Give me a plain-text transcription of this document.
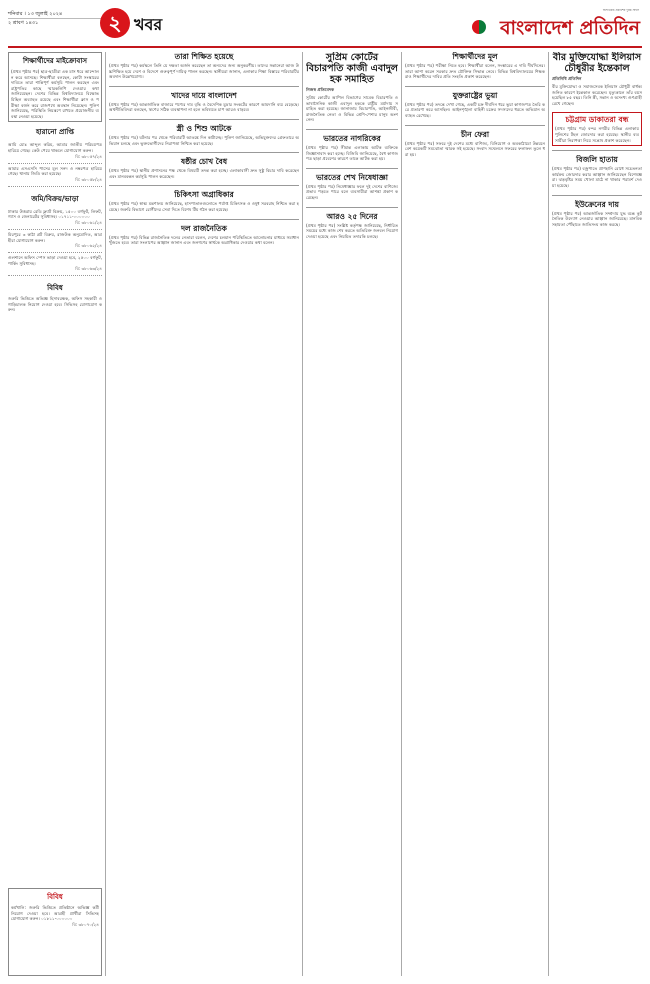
শনিবার । ১৩ জুলাই ২০২৪
২ শ্রাবণ ১৪৩১	২ খবর
অসংকোচ প্রকাশের দুরন্ত সাহস
বাংলাদেশ প্রতিদিন
শিক্ষার্থীদের মাইক্রোবাস
(প্রথম পৃষ্ঠার পর) ছাত্র-ছাত্রীরা এক মাস ধরে আন্দোলন করে আসছে। শিক্ষার্থীরা বলছেন, কোটা সংস্কারের দাবিতে তারা শান্তিপূর্ণ কর্মসূচি পালন করছেন এবং রাষ্ট্রপতির কাছে স্মারকলিপি দেওয়ার কথা জানিয়েছেন। দেশের বিভিন্ন বিশ্ববিদ্যালয়ে বিক্ষোভ মিছিল অব্যাহত রয়েছে এবং শিক্ষার্থীরা ক্লাস ও পরীক্ষা বর্জন করে রাজপথে অবস্থান নিয়েছেন। পুলিশ জানিয়েছে, পরিস্থিতি নিয়ন্ত্রণে রাখতে প্রয়োজনীয় ব্যবস্থা নেওয়া হয়েছে।
হারানো প্রাপ্তি
আমি মোঃ আব্দুল করিম, আমার জাতীয় পরিচয়পত্র হারিয়ে গেছে। কেউ পেয়ে থাকলে যোগাযোগ করুন।
বি: ৩৮০৫৭/২৪
আমার এসএসসি পাসের মূল সনদ ও নম্বরপত্র হারিয়ে গেছে। থানায় জিডি করা হয়েছে।
বি: ৩৮০৫৮/২৪
জমি/বিক্রয়/ভাড়া
ঢাকার উত্তরায় রেডি ফ্ল্যাট বিক্রয়, ১৫০০ বর্গফুট, লিফট, গ্যাস ও জেনারেটর সুবিধাসহ। ০১৭১১-০০০০০০
বি: ৩৮০৬১/২৪
মিরপুরে ৩ কাঠা প্লট বিক্রয়, রাজউক অনুমোদিত, আগ্রহীরা যোগাযোগ করুন।
বি: ৩৮০৬২/২৪
গুলশানে অফিস স্পেস ভাড়া দেওয়া হবে, ২৫০০ বর্গফুট, পার্কিং সুবিধাসহ।
বি: ৩৮০৬৩/২৪
বিবিধ
জরুরি ভিত্তিতে অভিজ্ঞ হিসাবরক্ষক, অফিস সহকারী ও গাড়িচালক নিয়োগ দেওয়া হবে। সিভিসহ যোগাযোগ করুন।
বিবিধ
কর্মখালি: জরুরি ভিত্তিতে প্রতিষ্ঠানে অভিজ্ঞ কর্মী নিয়োগ দেওয়া হবে। আগ্রহী প্রার্থীরা সিভিসহ যোগাযোগ করুন। ০১৮১১-০০০০০০
বি: ৩৮০৭০/২৪
তারা শিক্ষিত হয়েছে
(প্রথম পৃষ্ঠার পর) কর্মস্থলে তিনি যে দক্ষতা অর্জন করেছেন তা অন্যদের জন্য অনুকরণীয়। তাদের সন্তানেরা আজ উচ্চশিক্ষিত হয়ে দেশে ও বিদেশে গুরুত্বপূর্ণ দায়িত্ব পালন করছেন। স্থানীয়রা জানান, এলাকার শিক্ষা বিস্তারে পরিবারটির অবদান উল্লেখযোগ্য।
খাদের দায়ে বাংলাদেশ
(প্রথম পৃষ্ঠার পর) আন্তর্জাতিক বাজারে পণ্যের দাম বৃদ্ধি ও বৈদেশিক মুদ্রার সংকটের কারণে আমদানি ব্যয় বেড়েছে। অর্থনীতিবিদরা বলছেন, ঋণের সঠিক ব্যবস্থাপনা না হলে ভবিষ্যতে চাপ আরও বাড়বে।
স্ত্রী ও শিশু আটকে
(প্রথম পৃষ্ঠার পর) ঘটনার পর থেকে পরিবারটি আতঙ্কে দিন কাটাচ্ছে। পুলিশ জানিয়েছে, অভিযুক্তদের গ্রেফতারে অভিযান চলছে এবং ভুক্তভোগীদের নিরাপত্তা নিশ্চিত করা হয়েছে।
ষষ্ঠীর চোখ বৈধ
(প্রথম পৃষ্ঠার পর) স্থানীয় প্রশাসনের পক্ষ থেকে বিষয়টি তদন্ত করা হচ্ছে। এলাকাবাসী দ্রুত সুষ্ঠু বিচার দাবি করেছেন এবং মানববন্ধন কর্মসূচি পালন করেছেন।
চিকিৎসা অগ্রাধিকার
(প্রথম পৃষ্ঠার পর) স্বাস্থ্য মন্ত্রণালয় জানিয়েছে, হাসপাতালগুলোতে পর্যাপ্ত চিকিৎসক ও ওষুধ সরবরাহ নিশ্চিত করা হয়েছে। জরুরি বিভাগে রোগীদের সেবা দিতে বিশেষ টিম গঠন করা হয়েছে।
দল রাজনৈতিক
(প্রথম পৃষ্ঠার পর) বিভিন্ন রাজনৈতিক দলের নেতারা বলেন, দেশের চলমান পরিস্থিতিতে আলোচনার মাধ্যমে সমাধান খুঁজতে হবে। তারা সংলাপের আহ্বান জানান এবং জনগণের স্বার্থকে অগ্রাধিকার দেওয়ার কথা বলেন।
সুপ্রিম কোর্টের বিচারপতি কাজী এবাদুল হক সমাহিত
নিজস্ব প্রতিবেদক
সুপ্রিম কোর্টের আপিল বিভাগের সাবেক বিচারপতি ও ভাষাসৈনিক কাজী এবাদুল হককে রাষ্ট্রীয় মর্যাদায় সমাহিত করা হয়েছে। জানাজায় বিচারপতি, আইনজীবী, রাজনৈতিক নেতা ও বিভিন্ন শ্রেণি-পেশার মানুষ অংশ নেন।
ভারতের নাগরিকের
(প্রথম পৃষ্ঠার পর) সীমান্ত এলাকায় আটক ব্যক্তিকে জিজ্ঞাসাবাদ করা হচ্ছে। বিজিবি জানিয়েছে, বৈধ কাগজপত্র ছাড়া প্রবেশের কারণে তাকে আটক করা হয়।
ভারতের শেখ নিষেধাজ্ঞা
(প্রথম পৃষ্ঠার পর) নিষেধাজ্ঞার ফলে দুই দেশের বাণিজ্যে প্রভাব পড়তে পারে বলে ব্যবসায়ীরা আশঙ্কা প্রকাশ করেছেন।
আরও ২৫ দিনের
(প্রথম পৃষ্ঠার পর) সংশ্লিষ্ট কর্তৃপক্ষ জানিয়েছে, নির্ধারিত সময়ের মধ্যে কাজ শেষ করতে অতিরিক্ত জনবল নিয়োগ দেওয়া হয়েছে এবং নিয়মিত তদারকি চলছে।
শিক্ষার্থীদের মূল
(প্রথম পৃষ্ঠার পর) পরীক্ষা নিতে হবে। শিক্ষার্থীরা বলেন, সংস্কারের এ দাবি দীর্ঘদিনের। তারা আশা করেন সরকার দ্রুত যৌক্তিক সিদ্ধান্ত নেবে। বিভিন্ন বিশ্ববিদ্যালয়ের শিক্ষকরাও শিক্ষার্থীদের দাবির প্রতি সংহতি প্রকাশ করেছেন।
যুক্তরাষ্ট্রের ভুয়া
(প্রথম পৃষ্ঠার পর) তদন্তে দেখা গেছে, একটি চক্র দীর্ঘদিন ধরে ভুয়া কাগজপত্র তৈরি করে প্রতারণা করে আসছিল। আইনশৃঙ্খলা বাহিনী চক্রের সদস্যদের ধরতে অভিযান অব্যাহত রেখেছে।
চীন ফেরা
(প্রথম পৃষ্ঠার পর) সফরে দুই দেশের মধ্যে বাণিজ্য, বিনিয়োগ ও অবকাঠামো উন্নয়নে বেশ কয়েকটি সমঝোতা স্মারক সই হয়েছে। সংবাদ সম্মেলনে সফরের ফলাফল তুলে ধরা হয়।
বীর মুক্তিযোদ্ধা ইলিয়াস চৌধুরীর ইন্তেকাল
প্রতিনিধি প্রতিদিন
বীর মুক্তিযোদ্ধা ও সমাজসেবক ইলিয়াস চৌধুরী বার্ধক্যজনিত কারণে ইন্তেকাল করেছেন। মৃত্যুকালে তাঁর বয়স হয়েছিল ৮৫ বছর। তিনি স্ত্রী, সন্তান ও অসংখ্য গুণগ্রাহী রেখে গেছেন।
চট্টগ্রাম ডাকাতরা বন্ধ
(প্রথম পৃষ্ঠার পর) বন্দর নগরীর বিভিন্ন এলাকায় পুলিশের টহল জোরদার করা হয়েছে। স্থানীয় ব্যবসায়ীরা নিরাপত্তা নিয়ে সন্তোষ প্রকাশ করেছেন।
বিজলি হাতায়
(প্রথম পৃষ্ঠার পর) বজ্রপাতে প্রাণহানি রোধে সচেতনতা কার্যক্রম জোরদার করার আহ্বান জানিয়েছেন বিশেষজ্ঞরা। ঝড়বৃষ্টির সময় খোলা মাঠে না থাকার পরামর্শ দেওয়া হয়েছে।
ইউক্রেনের দায়
(প্রথম পৃষ্ঠার পর) আন্তর্জাতিক সম্প্রদায় যুদ্ধ বন্ধে কূটনৈতিক উদ্যোগ নেওয়ার আহ্বান জানিয়েছে। মানবিক সহায়তা পৌঁছাতে জাতিসংঘ কাজ করছে।
